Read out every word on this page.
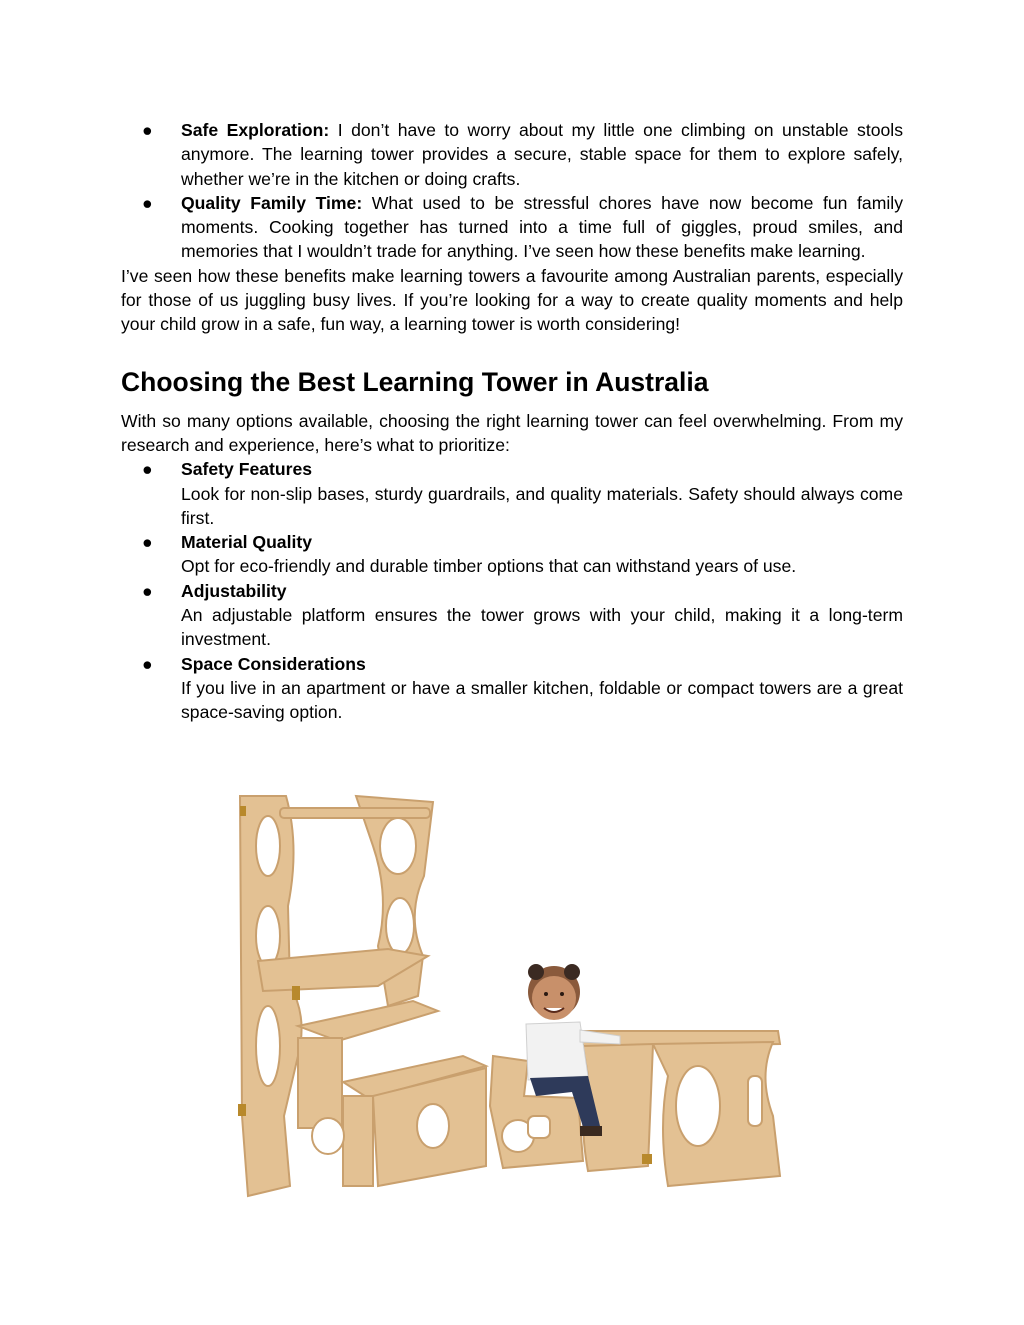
● Safe Exploration: I don’t have to worry about my little one climbing on unstable stools anymore. The learning tower provides a secure, stable space for them to explore safely, whether we’re in the kitchen or doing crafts.
● Quality Family Time: What used to be stressful chores have now become fun family moments. Cooking together has turned into a time full of giggles, proud smiles, and memories that I wouldn’t trade for anything. I’ve seen how these benefits make learning.

I’ve seen how these benefits make learning towers a favourite among Australian parents, especially for those of us juggling busy lives. If you’re looking for a way to create quality moments and help your child grow in a safe, fun way, a learning tower is worth considering!

Choosing the Best Learning Tower in Australia

With so many options available, choosing the right learning tower can feel overwhelming. From my research and experience, here’s what to prioritize:

● Safety Features
Look for non-slip bases, sturdy guardrails, and quality materials. Safety should always come first.
● Material Quality
Opt for eco-friendly and durable timber options that can withstand years of use.
● Adjustability
An adjustable platform ensures the tower grows with your child, making it a long-term investment.
● Space Considerations
If you live in an apartment or have a smaller kitchen, foldable or compact towers are a great space-saving option.
